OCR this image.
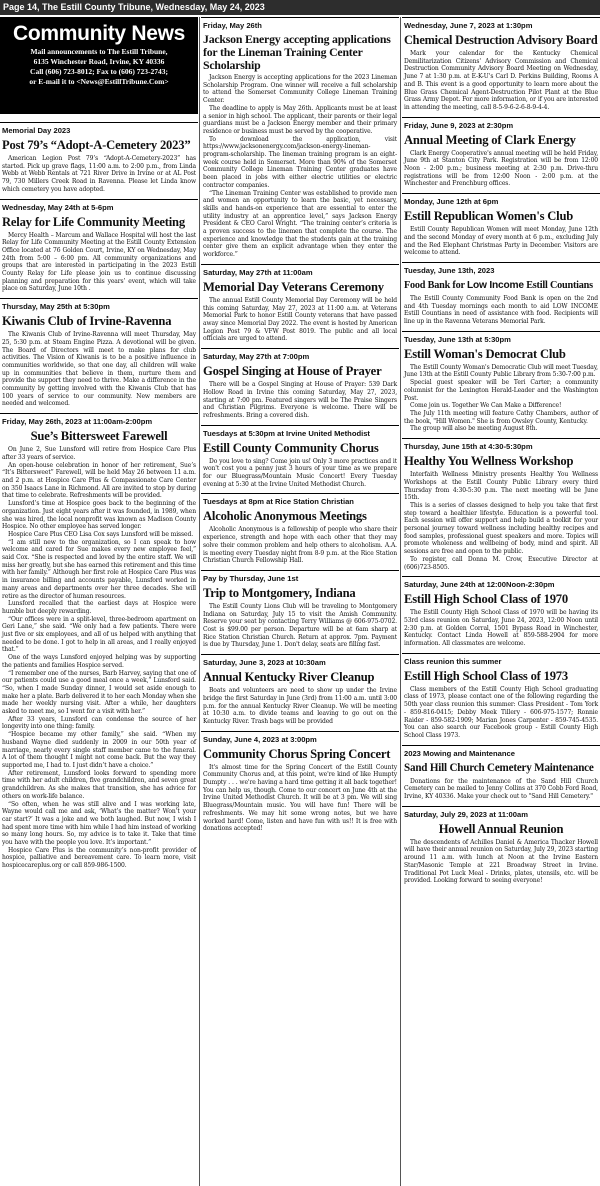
Page 14, The Estill County Tribune, Wednesday, May 24, 2023
Community News
Mail announcements to The Estill Tribune,
6135 Winchester Road, Irvine, KY 40336
Call (606) 723-8012; Fax to (606) 723-2743;
or E-mail it to <News@EstillTribune.Com>
Memorial Day 2023
Post 79’s “Adopt-A-Cemetery 2023”

American Legion Post 79’s “Adopt-A-Cemetery-2023” has started. Pick up grave flags, 11:00 a.m. to 2:00 p.m., from Linda Webb at Webb Rentals at 721 River Drive in Irvine or at AL Post 79, 730 Millers Creek Road in Ravenna. Please let Linda know which cemetery you have adopted.

Wednesday, May 24th at 5-6pm
Relay for Life Community Meeting

Mercy Health – Marcum and Wallace Hospital will host the last Relay for Life Community Meeting at the Estill County Extension Office located at 76 Golden Court, Irvine, KY on Wednesday, May 24th from 5:00 – 6:00 pm. All community organizations and groups that are interested in participating in the 2023 Estill County Relay for Life please join us to continue discussing planning and preparation for this years’ event, which will take place on Saturday, June 10th .

Thursday, May 25th at 5:30pm
Kiwanis Club of Irvine-Ravenna

The Kiwanis Club of Irvine-Ravenna will meet Thursday, May 25, 5:30 p.m. at Steam Engine Pizza. A devotional will be given. The Board of Directors will meet to make plans for club activities. The Vision of Kiwanis is to be a positive influence in communities worldwide, so that one day, all children will wake up in communities that believe in them, nurture them and provide the support they need to thrive. Make a difference in the community by getting involved with the Kiwanis Club that has 100 years of service to our community. New members are needed and welcomed.

Friday, May 26th, 2023 at 11:00am-2:00pm
Sue’s Bittersweet Farewell

On June 2, Sue Lunsford will retire from Hospice Care Plus after 33 years of service.

An open-house celebration in honor of her retirement, Sue’s “It’s Bittersweet” Farewell, will be held May 26 between 11 a.m. and 2 p.m. at Hospice Care Plus & Compassionate Care Center on 350 Isaacs Lane in Richmond. All are invited to stop by during that time to celebrate. Refreshments will be provided.

Lunsford’s time at Hospice goes back to the beginning of the organization. Just eight years after it was founded, in 1989, when she was hired, the local nonprofit was known as Madison County Hospice. No other employee has served longer.

Hospice Care Plus CEO Lisa Cox says Lunsford will be missed.

“I am still new to the organization, so I can speak to how welcome and cared for Sue makes every new employee feel,” said Cox. “She is respected and loved by the entire staff. We will miss her greatly, but she has earned this retirement and this time with her family.” Although her first role at Hospice Care Plus was in insurance billing and accounts payable, Lunsford worked in many areas and departments over her three decades. She will retire as the director of human resources.

Lunsford recalled that the earliest days at Hospice were humble but deeply rewarding.

“Our offices were in a split-level, three-bedroom apartment on Geri Lane,” she said. “We only had a few patients. There were just five or six employees, and all of us helped with anything that needed to be done. I got to help in all areas, and I really enjoyed that.”

One of the ways Lunsford enjoyed helping was by supporting the patients and families Hospice served.

“I remember one of the nurses, Barb Harvey, saying that one of our patients could use a good meal once a week,” Lunsford said. “So, when I made Sunday dinner, I would set aside enough to make her a plate. Barb delivered it to her each Monday when she made her weekly nursing visit. After a while, her daughters asked to meet me, so I went for a visit with her.”

After 33 years, Lunsford can condense the source of her longevity into one thing: family.

“Hospice became my other family,” she said. “When my husband Wayne died suddenly in 2009 in our 50th year of marriage, nearly every single staff member came to the funeral. A lot of them thought I might not come back. But the way they supported me, I had to. I just didn’t have a choice.”

After retirement, Lunsford looks forward to spending more time with her adult children, five grandchildren, and seven great grandchildren. As she makes that transition, she has advice for others on work-life balance.

“So often, when he was still alive and I was working late, Wayne would call me and ask, ‘What’s the matter? Won’t your car start?’ It was a joke and we both laughed. But now, I wish I had spent more time with him while I had him instead of working so many long hours. So, my advice is to take it. Take that time you have with the people you love. It’s important.”

Hospice Care Plus is the community’s non-profit provider of hospice, palliative and bereavement care. To learn more, visit hospicecareplus.org or call 859-986-1500.

Friday, May 26th
Jackson Energy accepting applications for the Lineman Training Center Scholarship

Jackson Energy is accepting applications for the 2023 Lineman Scholarship Program. One winner will receive a full scholarship to attend the Somerset Community College Lineman Training Center.

The deadline to apply is May 26th. Applicants must be at least a senior in high school. The applicant, their parents or their legal guardians must be a Jackson Energy member and their primary residence or business must be served by the cooperative.

To download the application, visit https://www.jacksonenergy.com/jackson-energy-lineman-program-scholarship. The lineman training program is an eight-week course held in Somerset. More than 90% of the Somerset Community College Lineman Training Center graduates have been placed in jobs with either electric utilities or electric contractor companies.

“The Lineman Training Center was established to provide men and women an opportunity to learn the basic, yet necessary, skills and hands-on experience that are essential to enter the utility industry at an apprentice level,” says Jackson Energy President & CEO Carol Wright. “The training center’s criteria is a proven success to the linemen that complete the course. The experience and knowledge that the students gain at the training center give them an explicit advantage when they enter the workforce.”

Saturday, May 27th at 11:00am
Memorial Day Veterans Ceremony

The annual Estill County Memorial Day Ceremony will be held this coming Saturday, May 27, 2023 at 11:00 a.m. at Veterans Memorial Park to honor Estill County veterans that have passed away since Memorial Day 2022. The event is hosted by American Legion Post 79 & VFW Post 8019. The public and all local officials are urged to attend.

Saturday, May 27th at 7:00pm
Gospel Singing at House of Prayer

There will be a Gospel Singing at House of Prayer: 539 Dark Hollow Road in Irvine this coming Saturday, May 27, 2023, starting at 7:00 pm. Featured singers will be The Praise Singers and Christian Pilgrims. Everyone is welcome. There will be refreshments. Bring a covered dish.

Tuesdays at 5:30pm at Irvine United Methodist
Estill County Community Chorus

Do you love to sing? Come join us! Only 3 more practices and it won't cost you a penny just 3 hours of your time as we prepare for our Bluegrass/Mountain Music Concert! Every Tuesday evening at 5:30 at the Irvine United Methodist Church.

Tuesdays at 8pm at Rice Station Christian
Alcoholic Anonymous Meetings

Alcoholic Anonymous is a fellowship of people who share their experience, strength and hope with each other that they may solve their common problem and help others to alcoholism. A.A. is meeting every Tuesday night from 8-9 p.m. at the Rice Station Christian Church Fellowship Hall.

Pay by Thursday, June 1st
Trip to Montgomery, Indiana

The Estill County Lions Club will be traveling to Montgomery Indiana on Saturday, July 15 to visit the Amish Community. Reserve your seat by contacting Terry Williams @ 606-975-0702. Cost is $99.00 per person. Departure will be at 6am sharp at Rice Station Christian Church. Return at approx. 7pm. Payment is due by Thursday, June 1. Don't delay, seats are filling fast.

Saturday, June 3, 2023 at 10:30am
Annual Kentucky River Cleanup

Boats and volunteers are need to show up under the Irvine bridge the first Saturday in June (3rd) from 11:00 a.m. until 3:00 p.m. for the annual Kentucky River Cleanup. We will be meeting at 10:30 a.m. to divide teams and leaving to go out on the Kentucky River. Trash bags will be provided

Sunday, June 4, 2023 at 3:00pm
Community Chorus Spring Concert

It's almost time for the Spring Concert of the Estill County Community Chorus and, at this point, we're kind of like Humpty Dumpty . . . we're having a hard time getting it all back together! You can help us, though. Come to our concert on June 4th at the Irvine United Methodist Church. It will be at 3 pm. We will sing Bluegrass/Mountain music. You will have fun! There will be refreshments. We may hit some wrong notes, but we have worked hard! Come, listen and have fun with us!! It is free with donations accepted!

Wednesday, June 7, 2023 at 1:30pm
Chemical Destruction Advisory Board

Mark your calendar for the Kentucky Chemical Demilitarization Citizens' Advisory Commission and Chemical Destruction Community Advisory Board Meeting on Wednesday, June 7 at 1:30 p.m. at E-K-U's Carl D. Perkins Building, Rooms A and B. This event is a good opportunity to learn more about the Blue Grass Chemical Agent-Destruction Pilot Plant at the Blue Grass Army Depot. For more information, or if you are interested in attending the meeting, call 8-5-9-6-2-6-8-9-4-4.

Friday, June 9, 2023 at 2:30pm
Annual Meeting of Clark Energy

Clark Energy Cooperative's annual meeting will be held Friday, June 9th at Stanton City Park. Registration will be from 12:00 Noon - 2:00 p.m.; business meeting at 2:30 p.m. Drive-thru registrations will be from 12:00 Noon - 2:00 p.m. at the Winchester and Frenchburg offices.

Monday, June 12th at 6pm
Estill Republican Women's Club

Estill County Republican Women will meet Monday, June 12th and the second Monday of every month at 6 p.m., excluding July and the Red Elephant Christmas Party in December. Visitors are welcome to attend.

Tuesday, June 13th, 2023
Food Bank for Low Income Estill Countians

The Estill County Community Food Bank is open on the 2nd and 4th Tuesday mornings each month to aid LOW INCOME Estill Countians in need of assistance with food. Recipients will line up in the Ravenna Veterans Memorial Park.

Tuesday, June 13th at 5:30pm
Estill Woman's Democrat Club

The Estill County Woman's Democratic Club will meet Tuesday, June 13th at the Estill County Public Library from 5:30-7:00 p.m.

Special guest speaker will be Teri Carter; a community columnist for the Lexington Herald-Leader and the Washington Post.

Come join us. Together We Can Make a Difference!

The July 11th meeting will feature Cathy Chambers, author of the book, "Hill Women." She is from Owsley County, Kentucky.

The group will also be meeting August 8th.

Thursday, June 15th at 4:30-5:30pm
Healthy You Wellness Workshop

Interfaith Wellness Ministry presents Healthy You Wellness Workshops at the Estill County Public Library every third Thursday from 4:30-5:30 p.m. The next meeting will be June 15th.

This is a series of classes designed to help you take that first step toward a healthier lifestyle. Education is a powerful tool. Each session will offer support and help build a toolkit for your personal journey toward wellness including healthy recipes and food samples, professional guest speakers and more. Topics will promote wholeness and wellbeing of body, mind and spirit. All sessions are free and open to the public.

To register, call Donna M. Crow, Executive Director at (606)723-8505.

Saturday, June 24th at 12:00Noon-2:30pm
Estill High School Class of 1970

The Estill County High School Class of 1970 will be having its 53rd class reunion on Saturday, June 24, 2023, 12:00 Noon until 2:30 p.m. at Golden Corral, 1501 Bypass Road in Winchester, Kentucky. Contact Linda Howell at 859-588-2904 for more information. All classmates are welcome.

Class reunion this summer
Estill High School Class of 1973

Class members of the Estill County High School graduating class of 1973, please contact one of the following regarding the 50th year class reunion this summer: Class President - Tom York - 859-816-0415; Debby Meek Tillery - 606-975-1577; Ronnie Raider - 859-582-1909; Marian Jones Carpenter - 859-745-4535. You can also search our Facebook group - Estill County High School Class 1973.

2023 Mowing and Maintenance
Sand Hill Church Cemetery Maintenance

Donations for the maintenance of the Sand Hill Church Cemetery can be mailed to Jenny Collins at 370 Cobb Ford Road, Irvine, KY 40336. Make your check out to "Sand Hill Cemetery."

Saturday, July 29, 2023 at 11:00am
Howell Annual Reunion

The descendents of Achilles Daniel & America Thacker Howell will have their annual reunion on Saturday, July 29, 2023 starting around 11 a.m. with lunch at Noon at the Irvine Eastern Star/Masonic Temple at 221 Broadway Street in Irvine. Traditional Pot Luck Meal - Drinks, plates, utensils, etc. will be provided. Looking forward to seeing everyone!
